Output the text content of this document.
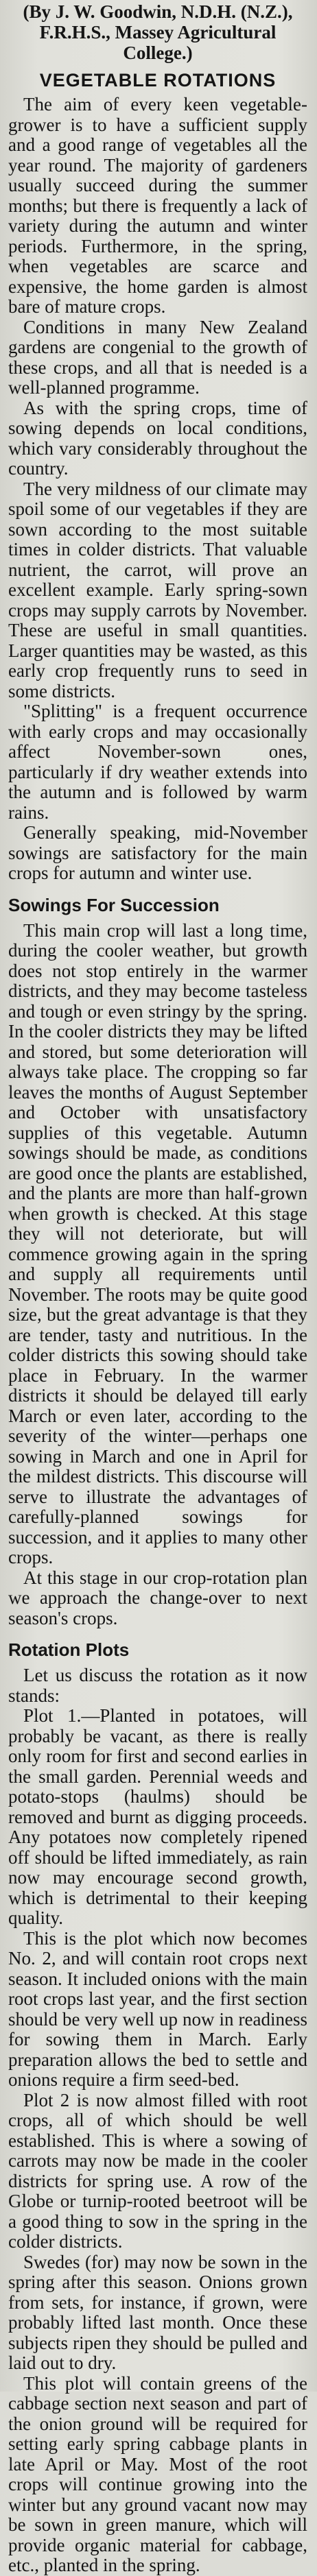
(By J. W. Goodwin, N.D.H. (N.Z.), F.R.H.S., Massey Agricultural College.)

VEGETABLE ROTATIONS

The aim of every keen vegetable-grower is to have a sufficient supply and a good range of vegetables all the year round. The majority of gardeners usually succeed during the summer months; but there is frequently a lack of variety during the autumn and winter periods. Furthermore, in the spring, when vegetables are scarce and expensive, the home garden is almost bare of mature crops.

Conditions in many New Zealand gardens are congenial to the growth of these crops, and all that is needed is a well-planned programme.

As with the spring crops, time of sowing depends on local conditions, which vary considerably throughout the country.

The very mildness of our climate may spoil some of our vegetables if they are sown according to the most suitable times in colder districts. That valuable nutrient, the carrot, will prove an excellent example. Early spring-sown crops may supply carrots by November. These are useful in small quantities. Larger quantities may be wasted, as this early crop frequently runs to seed in some districts.

"Splitting" is a frequent occurrence with early crops and may occasionally affect November-sown ones, particularly if dry weather extends into the autumn and is followed by warm rains.

Generally speaking, mid-November sowings are satisfactory for the main crops for autumn and winter use.

Sowings For Succession

This main crop will last a long time, during the cooler weather, but growth does not stop entirely in the warmer districts, and they may become tasteless and tough or even stringy by the spring. In the cooler districts they may be lifted and stored, but some deterioration will always take place. The cropping so far leaves the months of August September and October with unsatisfactory supplies of this vegetable. Autumn sowings should be made, as conditions are good once the plants are established, and the plants are more than half-grown when growth is checked. At this stage they will not deteriorate, but will commence growing again in the spring and supply all requirements until November. The roots may be quite good size, but the great advantage is that they are tender, tasty and nutritious. In the colder districts this sowing should take place in February. In the warmer districts it should be delayed till early March or even later, according to the severity of the winter—perhaps one sowing in March and one in April for the mildest districts. This discourse will serve to illustrate the advantages of carefully-planned sowings for succession, and it applies to many other crops.

At this stage in our crop-rotation plan we approach the change-over to next season's crops.

Rotation Plots

Let us discuss the rotation as it now stands:

Plot 1.—Planted in potatoes, will probably be vacant, as there is really only room for first and second earlies in the small garden. Perennial weeds and potato-stops (haulms) should be removed and burnt as digging proceeds. Any potatoes now completely ripened off should be lifted immediately, as rain now may encourage second growth, which is detrimental to their keeping quality.

This is the plot which now becomes No. 2, and will contain root crops next season. It included onions with the main root crops last year, and the first section should be very well up now in readiness for sowing them in March. Early preparation allows the bed to settle and onions require a firm seed-bed.

Plot 2 is now almost filled with root crops, all of which should be well established. This is where a sowing of carrots may now be made in the cooler districts for spring use. A row of the Globe or turnip-rooted beetroot will be a good thing to sow in the spring in the colder districts.

Swedes (for) may now be sown in the spring after this season. Onions grown from sets, for instance, if grown, were probably lifted last month. Once these subjects ripen they should be pulled and laid out to dry.

This plot will contain greens of the cabbage section next season and part of the onion ground will be required for setting early spring cabbage plants in late April or May. Most of the root crops will continue growing into the winter but any ground vacant now may be sown in green manure, which will provide organic material for cabbage, etc., planted in the spring.
